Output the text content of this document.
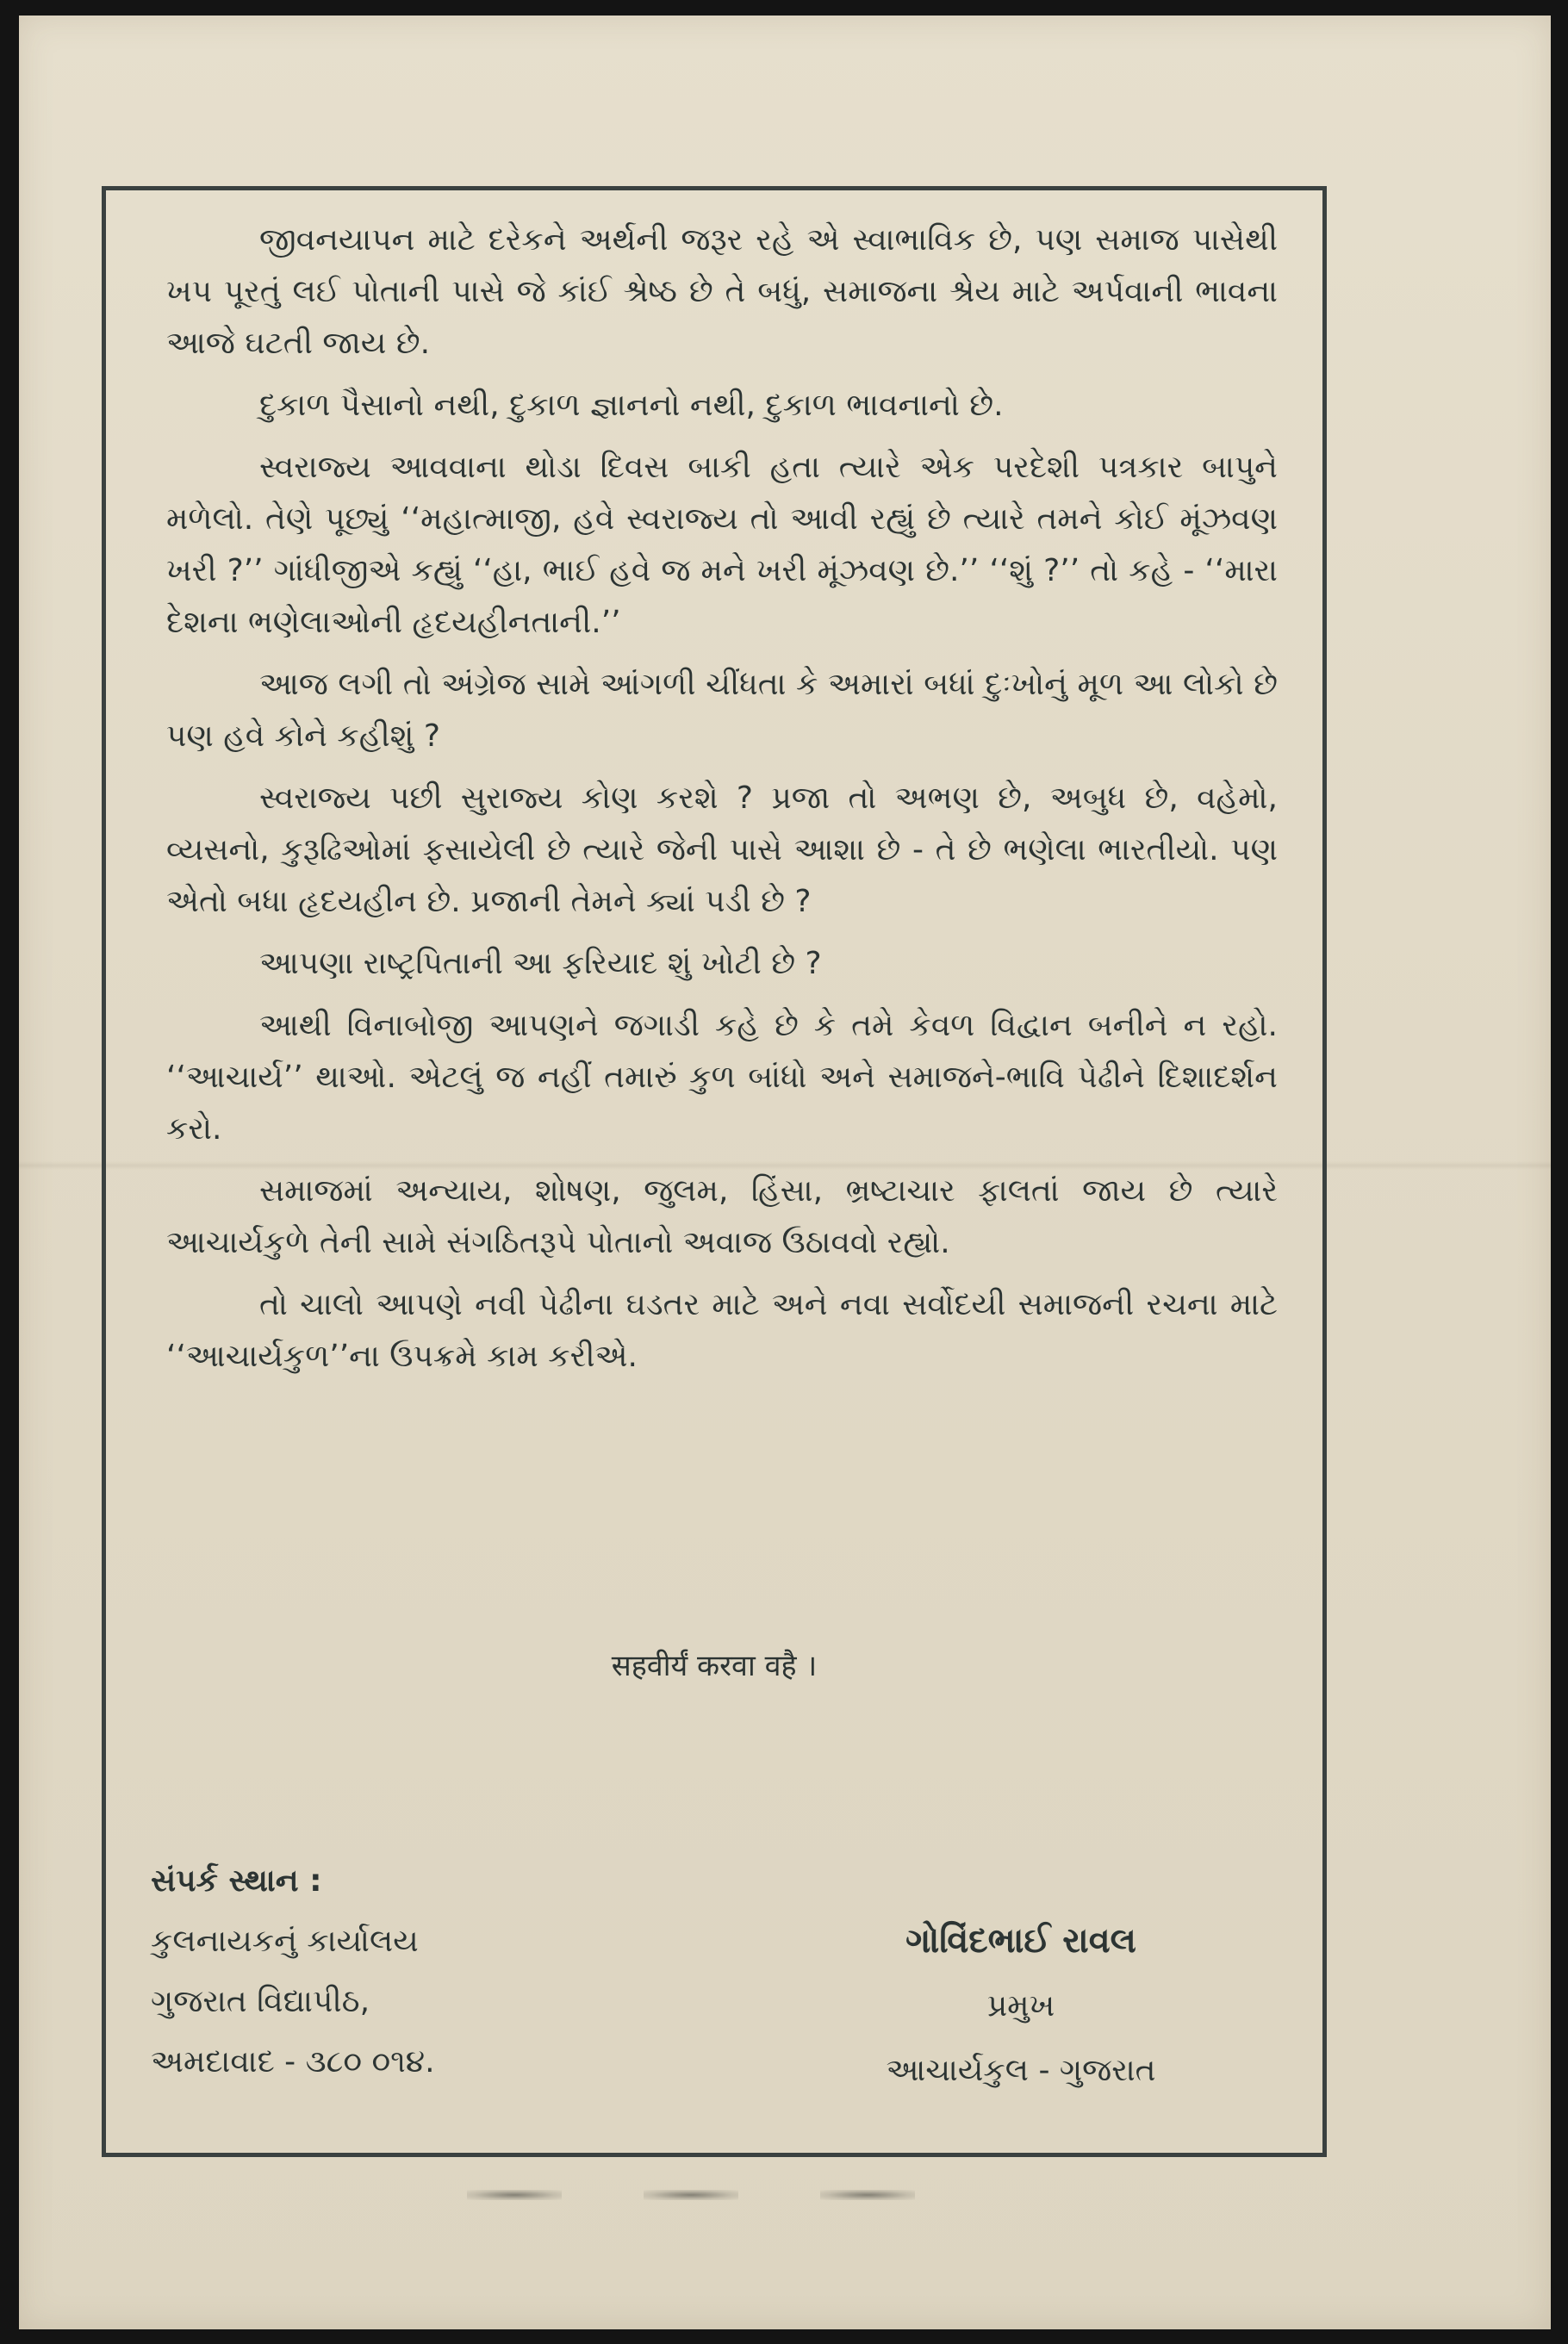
જીવનયાપન માટે દરેકને અર્થની જરૂર રહે એ સ્વાભાવિક છે, પણ સમાજ પાસેથી ખપ પૂરતું લઈ પોતાની પાસે જે કાંઈ શ્રેષ્ઠ છે તે બધું, સમાજના શ્રેય માટે અર્પવાની ભાવના આજે ઘટતી જાય છે.

દુકાળ પૈસાનો નથી, દુકાળ જ્ઞાનનો નથી, દુકાળ ભાવનાનો છે.

સ્વરાજ્ય આવવાના થોડા દિવસ બાકી હતા ત્યારે એક પરદેશી પત્રકાર બાપુને મળેલો. તેણે પૂછ્યું ‘‘મહાત્માજી, હવે સ્વરાજ્ય તો આવી રહ્યું છે ત્યારે તમને કોઈ મૂંઝવણ ખરી ?’’ ગાંધીજીએ કહ્યું ‘‘હા, ભાઈ હવે જ મને ખરી મૂંઝવણ છે.’’ ‘‘શું ?’’ તો કહે - ‘‘મારા દેશના ભણેલાઓની હૃદયહીનતાની.’’

આજ લગી તો અંગ્રેજ સામે આંગળી ચીંધતા કે અમારાં બધાં દુઃખોનું મૂળ આ લોકો છે પણ હવે કોને કહીશું ?

સ્વરાજ્ય પછી સુરાજ્ય કોણ કરશે ? પ્રજા તો અભણ છે, અબુધ છે, વહેમો, વ્યસનો, કુરૂઢિઓમાં ફસાયેલી છે ત્યારે જેની પાસે આશા છે - તે છે ભણેલા ભારતીયો. પણ એતો બધા હૃદયહીન છે. પ્રજાની તેમને ક્યાં પડી છે ?

આપણા રાષ્ટ્રપિતાની આ ફરિયાદ શું ખોટી છે ?

આથી વિનાબોજી આપણને જગાડી કહે છે કે તમે કેવળ વિદ્વાન બનીને ન રહો. ‘‘આચાર્ય’’ થાઓ. એટલું જ નહીં તમારું કુળ બાંધો અને સમાજને-ભાવિ પેઢીને દિશાદર્શન કરો.

સમાજમાં અન્યાય, શોષણ, જુલમ, હિંસા, ભ્રષ્ટાચાર ફાલતાં જાય છે ત્યારે આચાર્યકુળે તેની સામે સંગઠિતરૂપે પોતાનો અવાજ ઉઠાવવો રહ્યો.

તો ચાલો આપણે નવી પેઢીના ઘડતર માટે અને નવા સર્વોદયી સમાજની રચના માટે ‘‘આચાર્યકુળ’’ના ઉપક્રમે કામ કરીએ.

सहवीर्यं करवा वहै ।
સંપર્ક સ્થાન :
કુલનાયકનું કાર્યાલય
ગુજરાત વિદ્યાપીઠ,
અમદાવાદ - ૩૮૦ ૦૧૪.
ગોવિંદભાઈ રાવલ
પ્રમુખ
આચાર્યકુલ - ગુજરાત
